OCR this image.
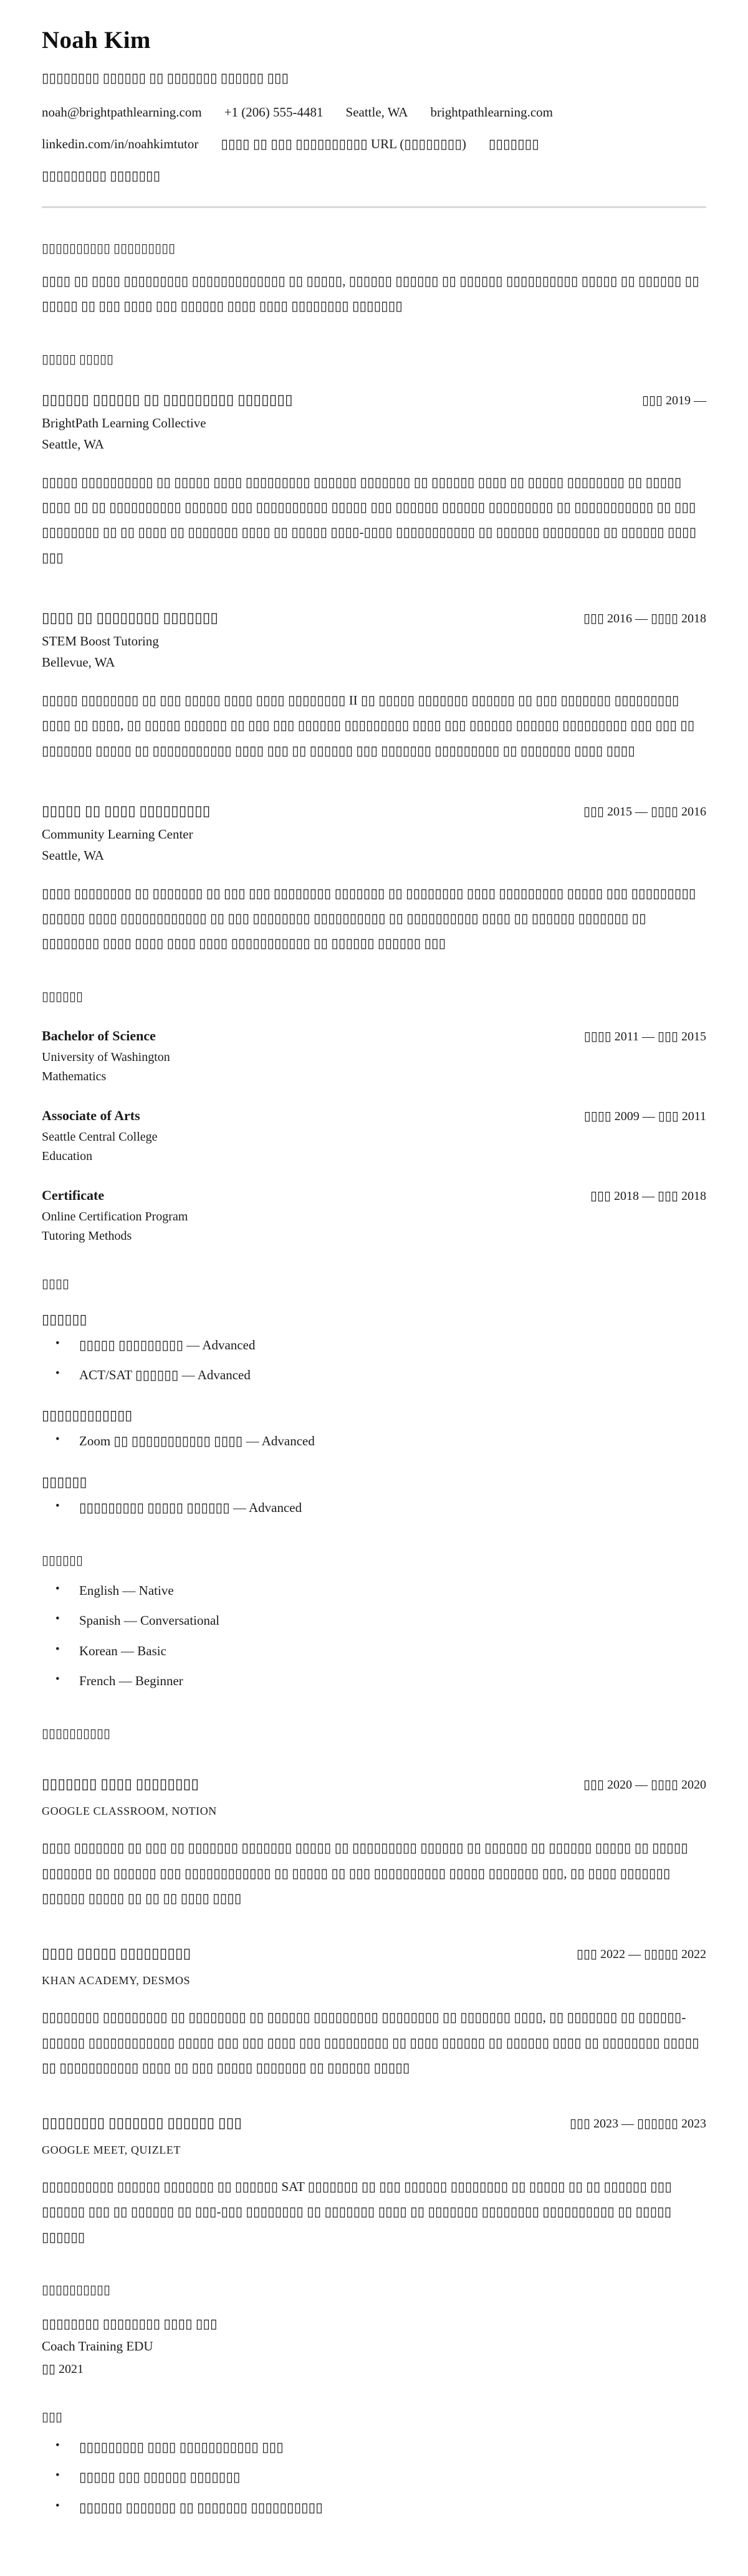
Noah Kim
▯▯▯▯▯▯▯▯ ▯▯▯▯▯▯ ▯▯ ▯▯▯▯▯▯▯ ▯▯▯▯▯▯ ▯▯▯
noah@brightpathlearning.com +1 (206) 555-4481 Seattle, WA brightpathlearning.com
linkedin.com/in/noahkimtutor ▯▯▯▯ ▯▯ ▯▯▯ ▯▯▯▯▯▯▯▯▯▯ URL (▯▯▯▯▯▯▯▯) ▯▯▯▯▯▯▯
▯▯▯▯▯▯▯▯▯ ▯▯▯▯▯▯▯
▯▯▯▯▯▯▯▯▯▯ ▯▯▯▯▯▯▯▯▯

▯▯▯▯ ▯▯ ▯▯▯▯ ▯▯▯▯▯▯▯▯▯ ▯▯▯▯▯▯▯▯▯▯▯▯▯ ▯▯ ▯▯▯▯▯, ▯▯▯▯▯▯ ▯▯▯▯▯▯ ▯▯ ▯▯▯▯▯▯ ▯▯▯▯▯▯▯▯▯▯ ▯▯▯▯▯ ▯▯ ▯▯▯▯▯▯ ▯▯ ▯▯▯▯▯ ▯▯ ▯▯▯ ▯▯▯▯ ▯▯▯ ▯▯▯▯▯▯ ▯▯▯▯ ▯▯▯▯ ▯▯▯▯▯▯▯▯ ▯▯▯▯▯▯▯

▯▯▯▯▯ ▯▯▯▯▯
▯▯▯▯▯▯ ▯▯▯▯▯▯ ▯▯ ▯▯▯▯▯▯▯▯▯ ▯▯▯▯▯▯▯	▯▯▯ 2019 —
BrightPath Learning Collective
Seattle, WA

▯▯▯▯▯ ▯▯▯▯▯▯▯▯▯▯ ▯▯ ▯▯▯▯▯ ▯▯▯▯ ▯▯▯▯▯▯▯▯▯ ▯▯▯▯▯▯ ▯▯▯▯▯▯▯ ▯▯ ▯▯▯▯▯▯ ▯▯▯▯ ▯▯ ▯▯▯▯▯ ▯▯▯▯▯▯▯▯ ▯▯ ▯▯▯▯▯ ▯▯▯▯ ▯▯ ▯▯ ▯▯▯▯▯▯▯▯▯▯ ▯▯▯▯▯▯ ▯▯▯ ▯▯▯▯▯▯▯▯▯▯ ▯▯▯▯▯ ▯▯▯ ▯▯▯▯▯▯ ▯▯▯▯▯▯ ▯▯▯▯▯▯▯▯▯ ▯▯ ▯▯▯▯▯▯▯▯▯▯▯ ▯▯ ▯▯▯ ▯▯▯▯▯▯▯▯ ▯▯ ▯▯ ▯▯▯▯ ▯▯ ▯▯▯▯▯▯▯ ▯▯▯▯ ▯▯ ▯▯▯▯▯ ▯▯▯▯-▯▯▯▯ ▯▯▯▯▯▯▯▯▯▯▯ ▯▯ ▯▯▯▯▯▯ ▯▯▯▯▯▯▯▯ ▯▯ ▯▯▯▯▯▯ ▯▯▯▯ ▯▯▯

▯▯▯▯ ▯▯ ▯▯▯▯▯▯▯▯ ▯▯▯▯▯▯▯	▯▯▯ 2016 — ▯▯▯▯ 2018
STEM Boost Tutoring
Bellevue, WA

▯▯▯▯▯ ▯▯▯▯▯▯▯▯ ▯▯ ▯▯▯ ▯▯▯▯▯ ▯▯▯▯ ▯▯▯▯ ▯▯▯▯▯▯▯▯ II ▯▯ ▯▯▯▯▯ ▯▯▯▯▯▯▯ ▯▯▯▯▯▯ ▯▯ ▯▯▯ ▯▯▯▯▯▯▯ ▯▯▯▯▯▯▯▯▯ ▯▯▯▯ ▯▯ ▯▯▯▯, ▯▯ ▯▯▯▯▯ ▯▯▯▯▯▯ ▯▯ ▯▯▯ ▯▯▯ ▯▯▯▯▯▯ ▯▯▯▯▯▯▯▯▯ ▯▯▯▯ ▯▯▯ ▯▯▯▯▯▯ ▯▯▯▯▯▯ ▯▯▯▯▯▯▯▯▯ ▯▯▯ ▯▯▯ ▯▯ ▯▯▯▯▯▯▯ ▯▯▯▯▯ ▯▯ ▯▯▯▯▯▯▯▯▯▯▯ ▯▯▯▯ ▯▯▯ ▯▯ ▯▯▯▯▯▯ ▯▯▯ ▯▯▯▯▯▯▯ ▯▯▯▯▯▯▯▯▯ ▯▯ ▯▯▯▯▯▯▯ ▯▯▯▯ ▯▯▯▯

▯▯▯▯▯ ▯▯ ▯▯▯▯ ▯▯▯▯▯▯▯▯▯	▯▯▯ 2015 — ▯▯▯▯ 2016
Community Learning Center
Seattle, WA

▯▯▯▯ ▯▯▯▯▯▯▯▯ ▯▯ ▯▯▯▯▯▯▯ ▯▯ ▯▯▯ ▯▯▯ ▯▯▯▯▯▯▯▯ ▯▯▯▯▯▯▯ ▯▯ ▯▯▯▯▯▯▯▯ ▯▯▯▯ ▯▯▯▯▯▯▯▯▯ ▯▯▯▯▯ ▯▯▯ ▯▯▯▯▯▯▯▯▯ ▯▯▯▯▯▯ ▯▯▯▯ ▯▯▯▯▯▯▯▯▯▯▯▯ ▯▯ ▯▯▯ ▯▯▯▯▯▯▯▯ ▯▯▯▯▯▯▯▯▯▯ ▯▯ ▯▯▯▯▯▯▯▯▯▯ ▯▯▯▯ ▯▯ ▯▯▯▯▯▯ ▯▯▯▯▯▯▯ ▯▯ ▯▯▯▯▯▯▯▯ ▯▯▯▯ ▯▯▯▯ ▯▯▯▯ ▯▯▯▯ ▯▯▯▯▯▯▯▯▯▯▯ ▯▯ ▯▯▯▯▯▯ ▯▯▯▯▯▯ ▯▯▯

▯▯▯▯▯▯
Bachelor of Science	▯▯▯▯ 2011 — ▯▯▯ 2015
University of Washington
Mathematics
Associate of Arts	▯▯▯▯ 2009 — ▯▯▯ 2011
Seattle Central College
Education
Certificate	▯▯▯ 2018 — ▯▯▯ 2018
Online Certification Program
Tutoring Methods
▯▯▯▯
▯▯▯▯▯▯
• ▯▯▯▯▯ ▯▯▯▯▯▯▯▯▯ — Advanced
• ACT/SAT ▯▯▯▯▯▯ — Advanced
▯▯▯▯▯▯▯▯▯▯▯▯
• Zoom ▯▯ ▯▯▯▯▯▯▯▯▯▯▯ ▯▯▯▯ — Advanced
▯▯▯▯▯▯
• ▯▯▯▯▯▯▯▯▯ ▯▯▯▯▯ ▯▯▯▯▯▯ — Advanced
▯▯▯▯▯▯
• English — Native
• Spanish — Conversational
• Korean — Basic
• French — Beginner
▯▯▯▯▯▯▯▯▯▯
▯▯▯▯▯▯▯ ▯▯▯▯ ▯▯▯▯▯▯▯▯	▯▯▯ 2020 — ▯▯▯▯ 2020
GOOGLE CLASSROOM, NOTION

▯▯▯▯ ▯▯▯▯▯▯▯ ▯▯ ▯▯▯ ▯▯ ▯▯▯▯▯▯▯ ▯▯▯▯▯▯▯ ▯▯▯▯▯ ▯▯ ▯▯▯▯▯▯▯▯▯ ▯▯▯▯▯▯ ▯▯ ▯▯▯▯▯▯ ▯▯ ▯▯▯▯▯▯ ▯▯▯▯▯ ▯▯ ▯▯▯▯▯ ▯▯▯▯▯▯▯ ▯▯ ▯▯▯▯▯▯ ▯▯▯ ▯▯▯▯▯▯▯▯▯▯▯▯ ▯▯ ▯▯▯▯▯ ▯▯ ▯▯▯ ▯▯▯▯▯▯▯▯▯▯ ▯▯▯▯▯ ▯▯▯▯▯▯▯ ▯▯▯, ▯▯ ▯▯▯▯ ▯▯▯▯▯▯▯ ▯▯▯▯▯▯ ▯▯▯▯▯ ▯▯ ▯▯ ▯▯ ▯▯▯▯ ▯▯▯▯

▯▯▯▯ ▯▯▯▯▯ ▯▯▯▯▯▯▯▯▯	▯▯▯ 2022 — ▯▯▯▯▯ 2022
KHAN ACADEMY, DESMOS

▯▯▯▯▯▯▯▯ ▯▯▯▯▯▯▯▯▯ ▯▯ ▯▯▯▯▯▯▯▯ ▯▯ ▯▯▯▯▯▯ ▯▯▯▯▯▯▯▯▯ ▯▯▯▯▯▯▯▯ ▯▯ ▯▯▯▯▯▯▯ ▯▯▯▯, ▯▯ ▯▯▯▯▯▯▯ ▯▯ ▯▯▯▯▯▯-▯▯▯▯▯▯ ▯▯▯▯▯▯▯▯▯▯▯▯ ▯▯▯▯▯ ▯▯▯ ▯▯▯ ▯▯▯▯ ▯▯▯ ▯▯▯▯▯▯▯▯▯ ▯▯ ▯▯▯▯ ▯▯▯▯▯▯ ▯▯ ▯▯▯▯▯▯ ▯▯▯▯ ▯▯ ▯▯▯▯▯▯▯▯ ▯▯▯▯▯ ▯▯ ▯▯▯▯▯▯▯▯▯▯▯ ▯▯▯▯ ▯▯ ▯▯▯ ▯▯▯▯▯ ▯▯▯▯▯▯▯ ▯▯ ▯▯▯▯▯▯ ▯▯▯▯▯

▯▯▯▯▯▯▯▯ ▯▯▯▯▯▯▯ ▯▯▯▯▯▯ ▯▯▯	▯▯▯ 2023 — ▯▯▯▯▯▯ 2023
GOOGLE MEET, QUIZLET

▯▯▯▯▯▯▯▯▯▯ ▯▯▯▯▯▯ ▯▯▯▯▯▯▯ ▯▯ ▯▯▯▯▯▯ SAT ▯▯▯▯▯▯▯ ▯▯ ▯▯▯ ▯▯▯▯▯▯ ▯▯▯▯▯▯▯▯ ▯▯ ▯▯▯▯▯ ▯▯ ▯▯ ▯▯▯▯▯▯ ▯▯▯ ▯▯▯▯▯▯ ▯▯▯ ▯▯ ▯▯▯▯▯▯ ▯▯ ▯▯▯-▯▯▯ ▯▯▯▯▯▯▯▯ ▯▯ ▯▯▯▯▯▯▯ ▯▯▯▯ ▯▯ ▯▯▯▯▯▯▯ ▯▯▯▯▯▯▯▯ ▯▯▯▯▯▯▯▯▯▯ ▯▯ ▯▯▯▯▯ ▯▯▯▯▯▯

▯▯▯▯▯▯▯▯▯▯
▯▯▯▯▯▯▯▯ ▯▯▯▯▯▯▯▯ ▯▯▯▯ ▯▯▯
Coach Training EDU
▯▯ 2021
▯▯▯
• ▯▯▯▯▯▯▯▯▯ ▯▯▯▯ ▯▯▯▯▯▯▯▯▯▯▯ ▯▯▯
• ▯▯▯▯▯ ▯▯▯ ▯▯▯▯▯▯ ▯▯▯▯▯▯▯
• ▯▯▯▯▯▯ ▯▯▯▯▯▯▯ ▯▯ ▯▯▯▯▯▯▯ ▯▯▯▯▯▯▯▯▯▯
